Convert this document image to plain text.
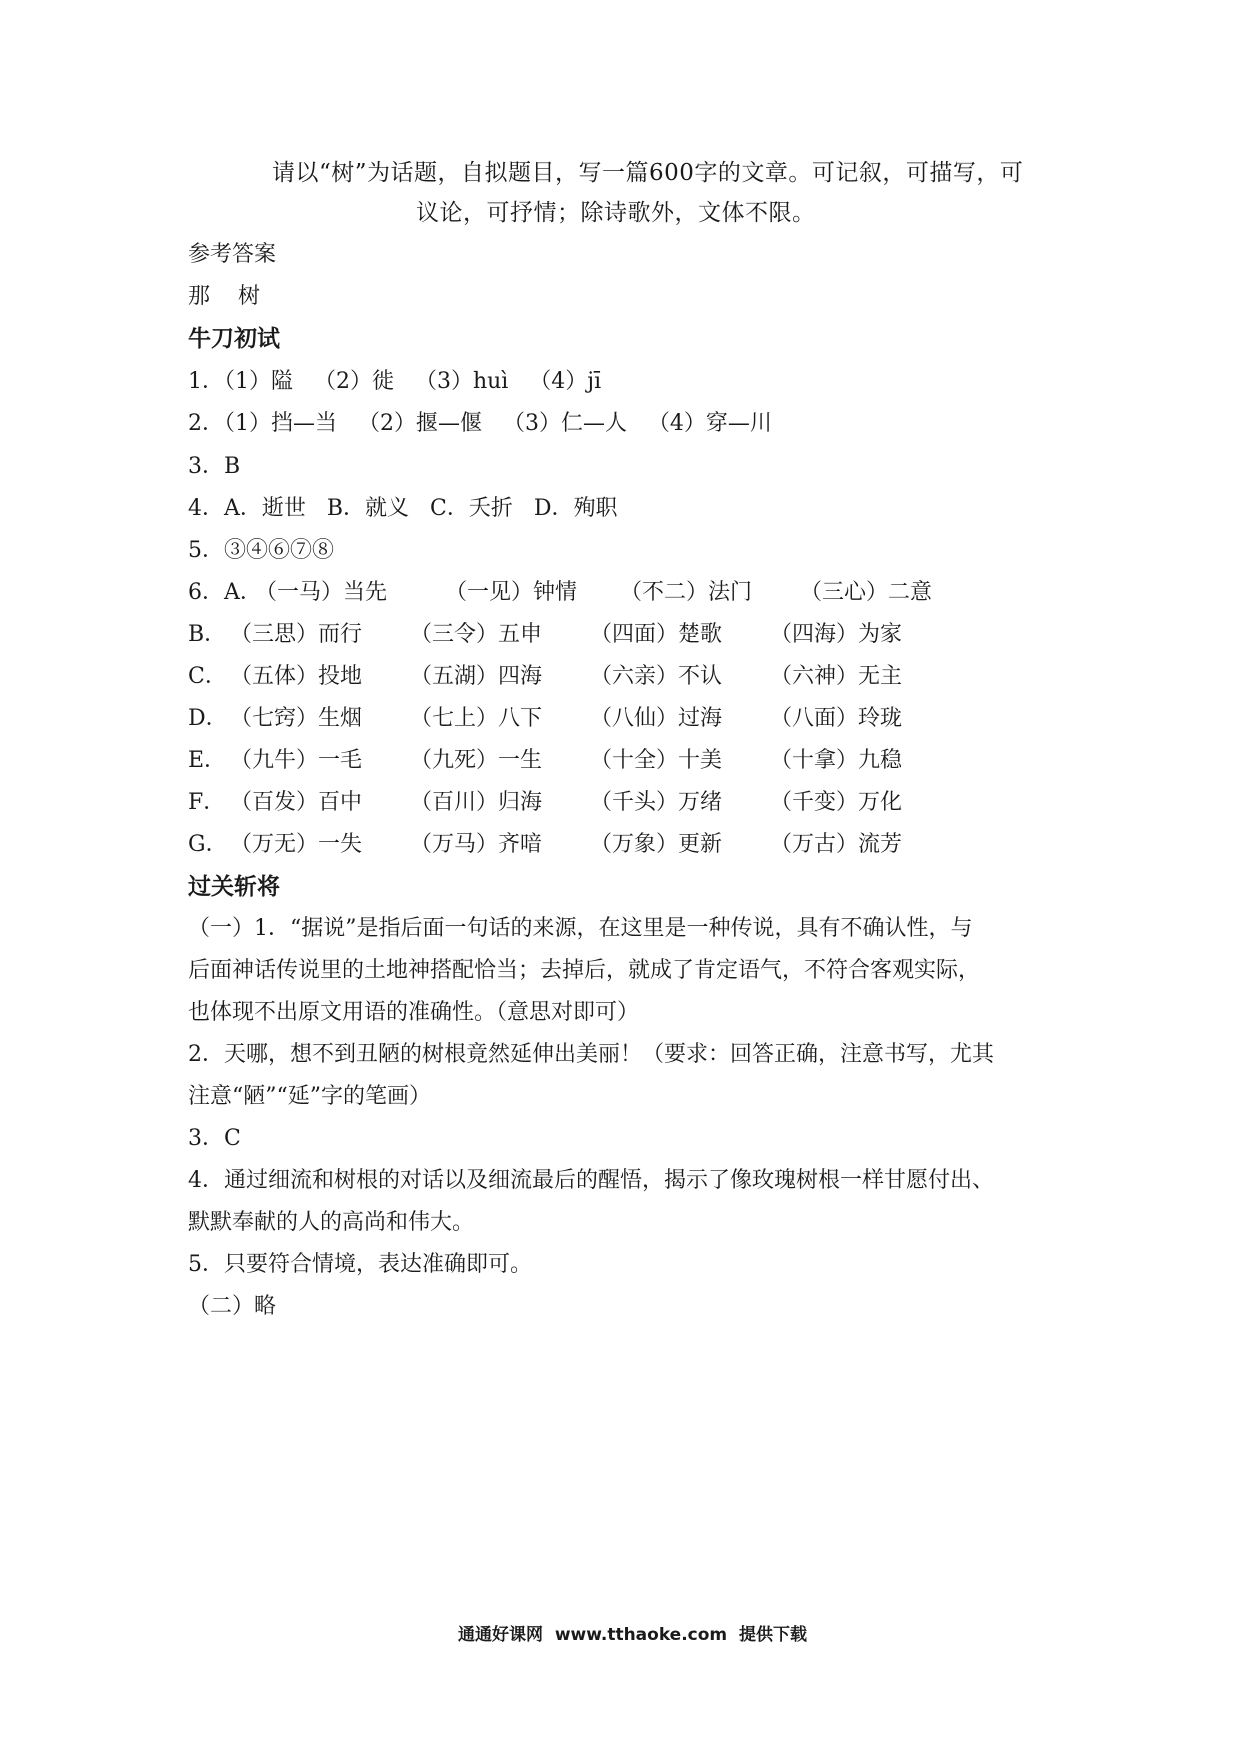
请以“树”为话题，自拟题目，写一篇600字的文章。可记叙，可描写，可
议论，可抒情；除诗歌外，文体不限。
参考答案
那    树
牛刀初试
1．（1）隘   （2）徙   （3）huì   （4）jī
2．（1）挡—当   （2）揠—偃   （3）仁—人   （4）穿—川
3．B
4．A．逝世   B．就义   C．夭折   D．殉职
5．③④⑥⑦⑧
6．A．
（一马）当先	（一见）钟情 （不二）法门 （三心）二意
B． （三思）而行 （三令）五申 （四面）楚歌 （四海）为家
C． （五体）投地 （五湖）四海 （六亲）不认 （六神）无主
D． （七窍）生烟 （七上）八下 （八仙）过海 （八面）玲珑
E． （九牛）一毛 （九死）一生 （十全）十美 （十拿）九稳
F． （百发）百中 （百川）归海 （千头）万绪 （千变）万化
G． （万无）一失 （万马）齐喑 （万象）更新 （万古）流芳
过关斩将
（一）1．“据说”是指后面一句话的来源，在这里是一种传说，具有不确认性，与
后面神话传说里的土地神搭配恰当；去掉后，就成了肯定语气，不符合客观实际，
也体现不出原文用语的准确性。（意思对即可）
2．天哪，想不到丑陋的树根竟然延伸出美丽！（要求：回答正确，注意书写，尤其
注意“陋”“延”字的笔画）
3．C
4．通过细流和树根的对话以及细流最后的醒悟，揭示了像玫瑰树根一样甘愿付出、
默默奉献的人的高尚和伟大。
5．只要符合情境，表达准确即可。
（二）略
通通好课网  www.tthaoke.com  提供下载
